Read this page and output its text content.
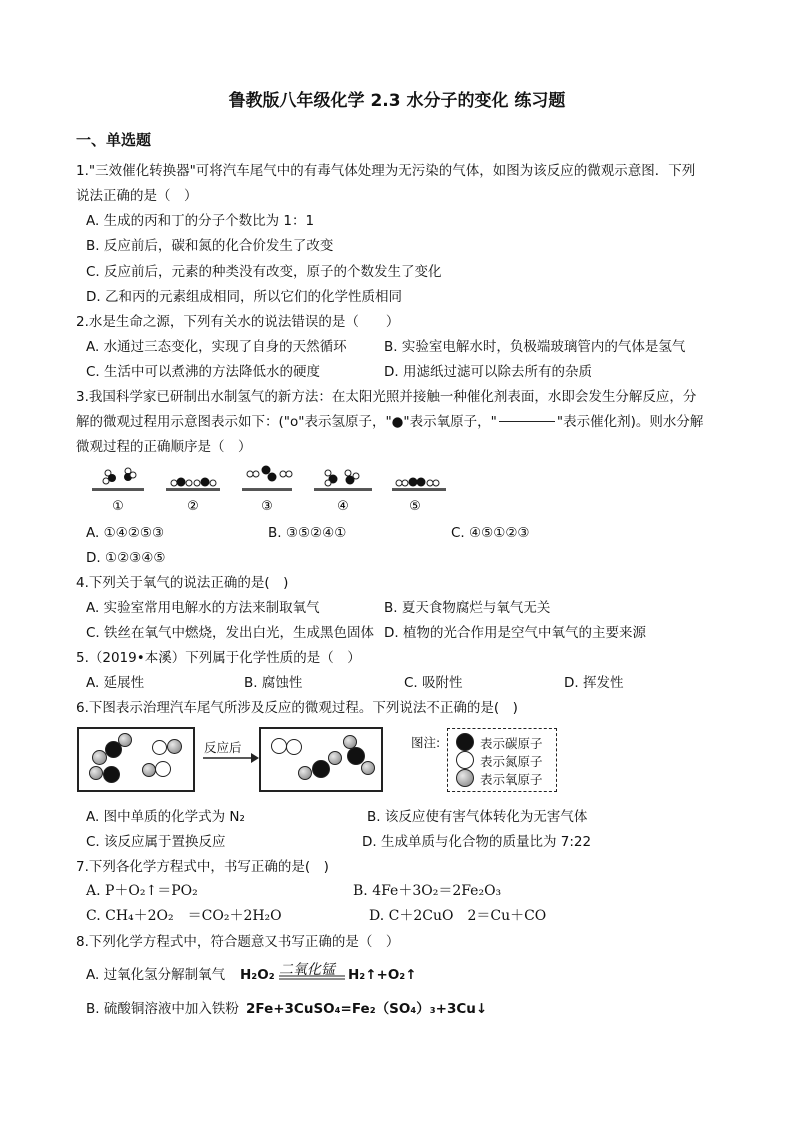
鲁教版八年级化学 2.3 水分子的变化 练习题
一、单选题
1."三效催化转换器"可将汽车尾气中的有毒气体处理为无污染的气体，如图为该反应的微观示意图．下列
说法正确的是（　）
A. 生成的丙和丁的分子个数比为 1：1
B. 反应前后，碳和氮的化合价发生了改变
C. 反应前后，元素的种类没有改变，原子的个数发生了变化
D. 乙和丙的元素组成相同，所以它们的化学性质相同
2.水是生命之源，下列有关水的说法错误的是（　　）
A. 水通过三态变化，实现了自身的天然循环	B. 实验室电解水时，负极端玻璃管内的气体是氢气
C. 生活中可以煮沸的方法降低水的硬度	D. 用滤纸过滤可以除去所有的杂质
3.我国科学家已研制出水制氢气的新方法：在太阳光照并接触一种催化剂表面，水即会发生分解反应，分
解的微观过程用示意图表示如下：("o"表示氢原子，"●"表示氧原子，"	"表示催化剂)。则水分解
微观过程的正确顺序是（　）
①	②	③	④	⑤
A. ①④②⑤③	B. ③⑤②④①	C. ④⑤①②③
D. ①②③④⑤
4.下列关于氧气的说法正确的是(　)
A. 实验室常用电解水的方法来制取氧气	B. 夏天食物腐烂与氧气无关
C. 铁丝在氧气中燃烧，发出白光，生成黑色固体 D. 植物的光合作用是空气中氧气的主要来源
5.（2019•本溪）下列属于化学性质的是（　）
A. 延展性	B. 腐蚀性	C. 吸附性	D. 挥发性
6.下图表示治理汽车尾气所涉及反应的微观过程。下列说法不正确的是(　)
反应后	图注:	表示碳原子
表示氮原子
表示氧原子
A. 图中单质的化学式为 N₂	B. 该反应使有害气体转化为无害气体
C. 该反应属于置换反应	D. 生成单质与化合物的质量比为 7:22
7.下列各化学方程式中，书写正确的是(　)
A. P＋O₂↑＝PO₂	B. 4Fe＋3O₂＝2Fe₂O₃
C. CH₄＋2O₂　＝CO₂＋2H₂O	D. C＋2CuO　2＝Cu＋CO
8.下列化学方程式中，符合题意又书写正确的是（　）
A. 过氧化氢分解制氧气 H₂O₂ 二氧化锰 H₂↑+O₂↑
B. 硫酸铜溶液中加入铁粉 2Fe+3CuSO₄=Fe₂（SO₄）₃+3Cu↓
